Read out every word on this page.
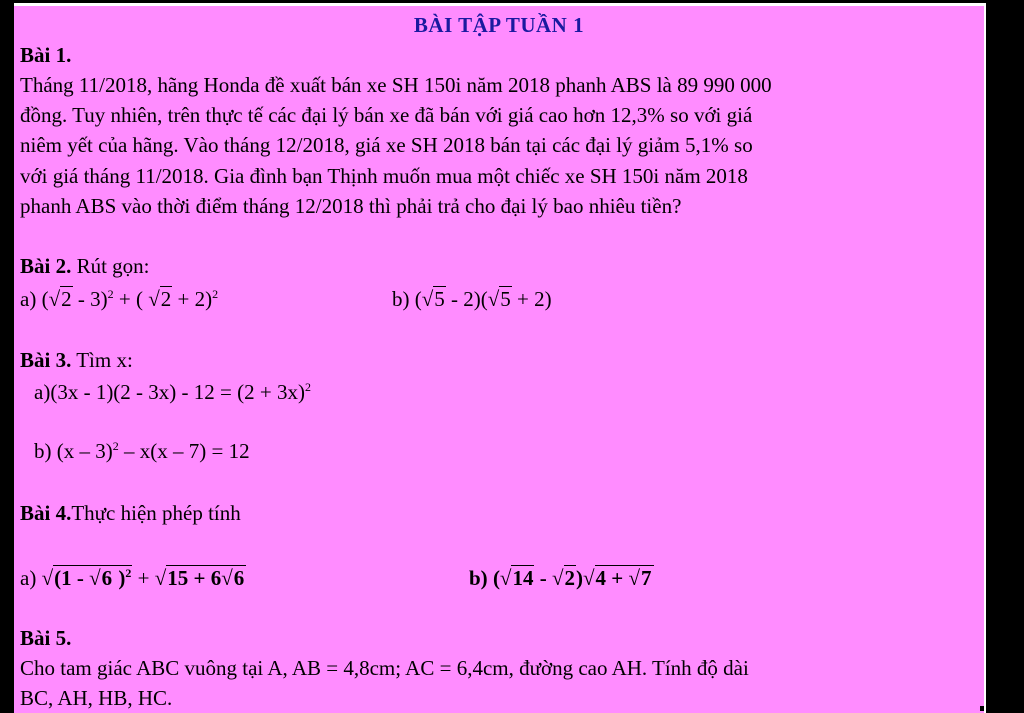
BÀI TẬP TUẦN 1
Bài 1.
Tháng 11/2018, hãng Honda đề xuất bán xe SH 150i năm 2018 phanh ABS là 89 990 000
đồng. Tuy nhiên, trên thực tế các đại lý bán xe đã bán với giá cao hơn 12,3% so với giá
niêm yết của hãng. Vào tháng 12/2018, giá xe SH 2018 bán tại các đại lý giảm 5,1% so
với giá tháng 11/2018. Gia đình bạn Thịnh muốn mua một chiếc xe SH 150i năm 2018
phanh ABS vào thời điểm tháng 12/2018 thì phải trả cho đại lý bao nhiêu tiền?
Bài 2. Rút gọn:
a) (√2 - 3)$^2$ + ( √2 + 2)$^2$	b) (√5 - 2)(√5 + 2)
Bài 3. Tìm x:
$a)(3x - 1)(2 - 3x) - 12 = (2 + 3x)^2$
b) (x – 3)$^2$ – x(x – 7) = 12
Bài 4.Thực hiện phép tính
a) √(1 - √6 )$^2$ + √15 + 6√6	b) (√14 - √2)√4 + √7
Bài 5.
Cho tam giác ABC vuông tại A, AB = 4,8cm; AC = 6,4cm, đường cao AH. Tính độ dài
BC, AH, HB, HC.
